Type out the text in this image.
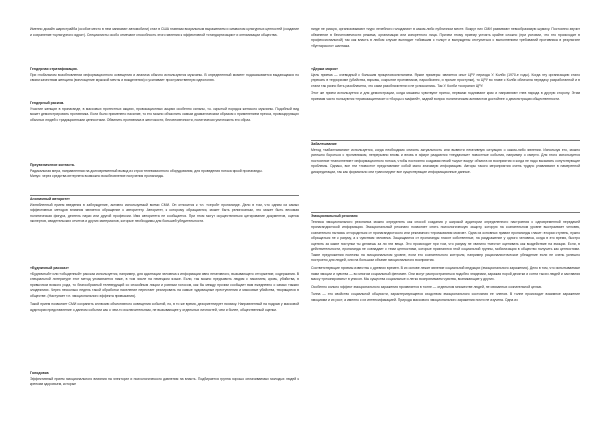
Именно дизайн шарпстрайба (особое место в нем занимают автомобили) стал в США главным визуальным выражением и символом культурных ценностей (создание и сохранение «культурного ядра»). Специалисты особо отмечают способность этого явления к эффективной «стандартизации» и оптимизации общества.

Гендерная стратификация.

При глобальном возобновлении информационного освещения и анализа обычно используются мужчины. В определенный момент подсказывается выдающаяся по своим качествам женщина (воплощение мужской мечты и вожделения) и усиливает пространственную идеологию.

Гендерный расизм.

Участие женщин в пропаганде, в массовых протестных акциях, провокационных акциях особенно сильны, т.к. скрытый порядок женского мужчины. Подобный вид может демонстрировать противника. Если было применено насилие, то его можно объяснить самым драматическим образом с применением пресса, провоцирующих обычных людей с традиционными ценностями. Обвинить противника в жестокости, бесчеловечности, политически уничтожить его образ.

Преувеличение контаста.

Радикальная мера, направленная на долговременный вывод из строя телевизионного оборудования, для проведения потока яркой пропаганды.

Минус: через средства интернета возможно возобновление получения пропаганды.

Анонимный авторитет

Излюбленный прием введения в заблуждение, активно используемый всеми СМИ. Он относится к т.н. «серой» пропаганде. Дело в том, что одним из самых эффективных методов влияния является обращение к авторитету. Авторитет, к которому обращаются, может быть религиозным, это может быть весомая политическая фигура, деятель науки или другой профессии. Имя авторитета не сообщается. При этом могут осуществляться цитирование документов, оценок экспертов, свидетельских отчетов и других материалов, которые необходимы для большей убедительности.

«Будничный рассказ»

«Будничный» или «обыденный» рассказ используется, например, для адаптации человека к информации явно негативного, вызывающего отторжение, содержания. В специальной литературе этот метод упоминается ниже, в том числе на немецком языке. Если, так можно предъявить людям с насилием, кровь, убийства, в привычном всякого рода, то благообразный телеведущий со спокойным лицом и ровным голосом, как бы между прочим сообщает вам ежедневно о самых тяжких злодеяниях. Через несколько недель такой обработки население перестает реагировать на самые чудовищные преступления и массовые убийства, творящиеся в обществе. (Наступает т.н. эмоционального эффекта привыкания).

Такой прием позволяет СМИ сохранить иллюзию объективного освещения событий, но, в то же время, дезориентирует психику. Направленный на подрыв у массовой аудитории представление о данном событии как о чем-то исключительным, не вызывающее у отдельных личностей, чем и более, общественный оценки.

Голодовка

Эффективный прием эмоционального влияния на электорат и психологического давления на власть. Подбирается группа хорошо оплачиваемых молодых людей к крепким здоровьем, которые

нигде не рискуя, организовывают «курс лечебного голодания» в каком-либо публичном месте. Вокруг них СМИ развивают невообразимую шумиху. Постоянно звучит обвинение в бесчеловечности режима, организации или конкретного лица. Причем этому приему устоять крайне сложно (при условии, что это происходит в профессиональной) так как власть в любом случае выглядит «сбившим с толку» и вынуждены отступиться с выполнением требований противника в результате «бунтарского» шантажа.

«Держи морок»

Цель приема — очевидный с большим прицеловоспитанием. Яркие примеры: является опыт ЦРУ периода У. Колби (1970-е годы). Когда эту организацию стало упрекать в терроризме (убийства, взрывы, сокрытие противников, наркобизнес, и прочие проступки), то ЦРУ во главе с Колби обличила передачу разработанной и в стали так рачно бить разоблачена, что сами разоблачители и не успокоились. Так У. Колби «сохранил ЦРУ.

Этот же прием используется и для демонстрации, когда машины чувствуют приток, первыми подливают крик и направляют гнев народа в другую сторону. Этим приемам часто пользуются «правозащитники» и «борцы с мафией», задний вопрос политическим активистов достойнее о демонстрации общественности.

Забалтывание

Метод «забалтывания» используется, когда необходимо снизить актуальность или вывести негативную ситуацию о каком-либо явлении. Используя его, можно успешно бороться с противником, непрерывно вновь и вновь в эфире раздаются «неудачные» новостные события, например о смерти. Для этого используется постоянное «наполнение» информационного потока, чтобы постоянно создавая некий «шум» вокруг объекта их восприятия и когда не надо вызывать сопутствующие проблемы. Однако, все эти «новости» представляют собой мало значимую информацию. Авторы такого мероприятия очень трудно улавливают в намеренной дискредитации, так как формально они транслируют все существующие информационные данные.

Эмоциональный резонанс

Техника эмоционального резонанса можно определить как способ создания у широкой аудитории определенного настроения с одновременной передачей пропагандистской информации. Эмоциональный резонанс позволяет снять психологическую защиту, которую на сознательном уровне выстраивает человек, сознательно пытаясь отгородиться от пропагандистского или рекламного «промывания мозгов». Одна из основных правил пропаганды гласит: вторая ступень, нужно обращаться не к разуму, а к чувствам человека. Защищаются от пропаганды гласит собственные, на раздражение у одного человека, когда в это время, быстро оценить за какие поступки ты делаешь за ли эти вещи. Это происходит при том, что разуму не хватило «места» оценивать как воздействие на эмоции. Если, в действительности, пропаганда не совпадает с теми ценностями, которые признаются этой социальной группы, мобилизация в общество получить как ценностями. Такие предложения полезны на эмоциональном уровне, если его сознательного контроля, например рационалистическое убеждение если не очень успешно построено для людей, или на большом объеме эмоционального восприятия.

Соответствующие приемы известны с древних времен. В их основе лежит явление социальной индукции (эмоционального заражения). Дело в том, что испытываемые нами эмоции и чувства — во многом социальный феномен. Они могут распространяться подобно эпидемии, заражая порой десятки и сотни тысяч людей и заставляя массу «резонировать» в унисон. Мы существа социальные и легко воспринимаем чувства, возникающие у других.

Особенно сильно эффект эмоционального заражения проявляется в толпе — отдельном множестве людей, не связанных сознательной целью.

Толпа — это свойство социальной общности, характеризующееся сходством эмоционального состояния ее членов. В толпе происходит взаимное заражение эмоциями и их рост, а именно с их интенсификацией. Природа массового эмоционального заражения почти не изучена. Одна из
